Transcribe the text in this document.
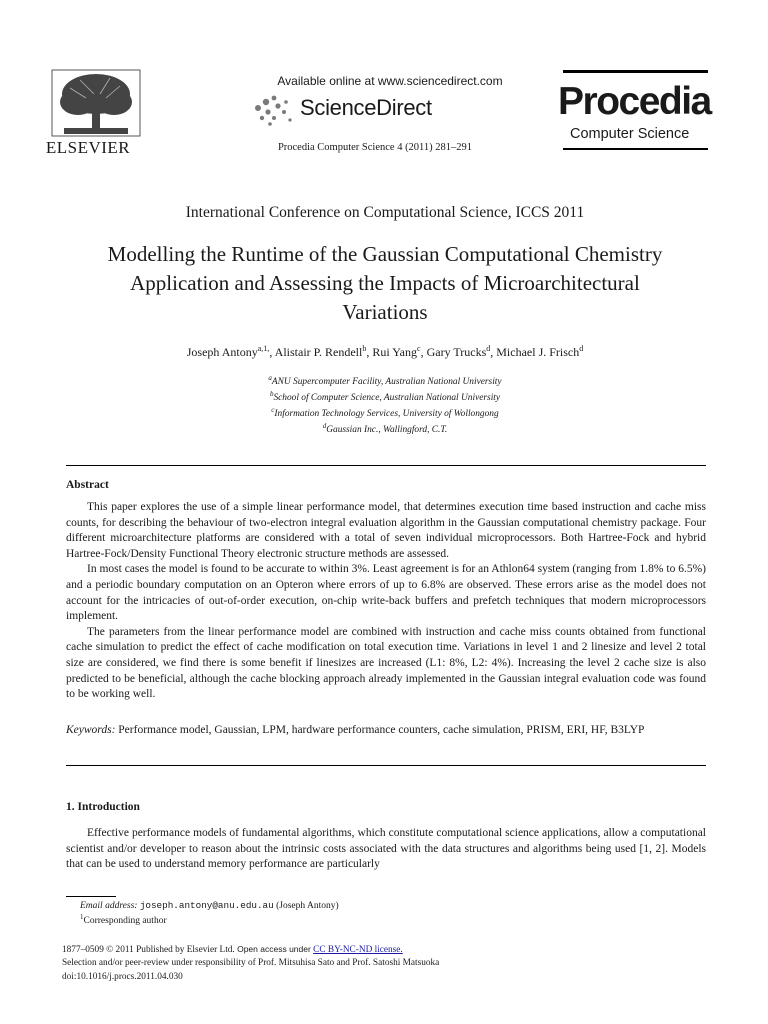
ELSEVIER
Available online at www.sciencedirect.com
ScienceDirect
Procedia Computer Science 4 (2011) 281–291
Procedia
Computer Science
International Conference on Computational Science, ICCS 2011
Modelling the Runtime of the Gaussian Computational Chemistry
Application and Assessing the Impacts of Microarchitectural
Variations
Joseph Antony$^{a,1,}$, Alistair P. Rendell$^b$, Rui Yang$^c$, Gary Trucks$^d$, Michael J. Frisch$^d$
$^a$ANU Supercomputer Facility, Australian National University
$^b$School of Computer Science, Australian National University
$^c$Information Technology Services, University of Wollongong
$^d$Gaussian Inc., Wallingford, C.T.
Abstract

This paper explores the use of a simple linear performance model, that determines execution time based instruction and cache miss counts, for describing the behaviour of two-electron integral evaluation algorithm in the Gaussian computational chemistry package. Four different microarchitecture platforms are considered with a total of seven individual microprocessors. Both Hartree-Fock and hybrid Hartree-Fock/Density Functional Theory electronic structure methods are assessed.

In most cases the model is found to be accurate to within 3%. Least agreement is for an Athlon64 system (ranging from 1.8% to 6.5%) and a periodic boundary computation on an Opteron where errors of up to 6.8% are observed. These errors arise as the model does not account for the intricacies of out-of-order execution, on-chip write-back buffers and prefetch techniques that modern microprocessors implement.

The parameters from the linear performance model are combined with instruction and cache miss counts obtained from functional cache simulation to predict the effect of cache modification on total execution time. Variations in level 1 and 2 linesize and level 2 total size are considered, we find there is some benefit if linesizes are increased (L1: 8%, L2: 4%). Increasing the level 2 cache size is also predicted to be beneficial, although the cache blocking approach already implemented in the Gaussian integral evaluation code was found to be working well.

Keywords: Performance model, Gaussian, LPM, hardware performance counters, cache simulation, PRISM, ERI, HF, B3LYP
1. Introduction
Effective performance models of fundamental algorithms, which constitute computational science applications, allow a computational scientist and/or developer to reason about the intrinsic costs associated with the data structures and algorithms being used [1, 2]. Models that can be used to understand memory performance are particularly
Email address: joseph.antony@anu.edu.au (Joseph Antony)
$^1$Corresponding author
1877–0509 © 2011 Published by Elsevier Ltd. Open access under CC BY-NC-ND license.
Selection and/or peer-review under responsibility of Prof. Mitsuhisa Sato and Prof. Satoshi Matsuoka
doi:10.1016/j.procs.2011.04.030
